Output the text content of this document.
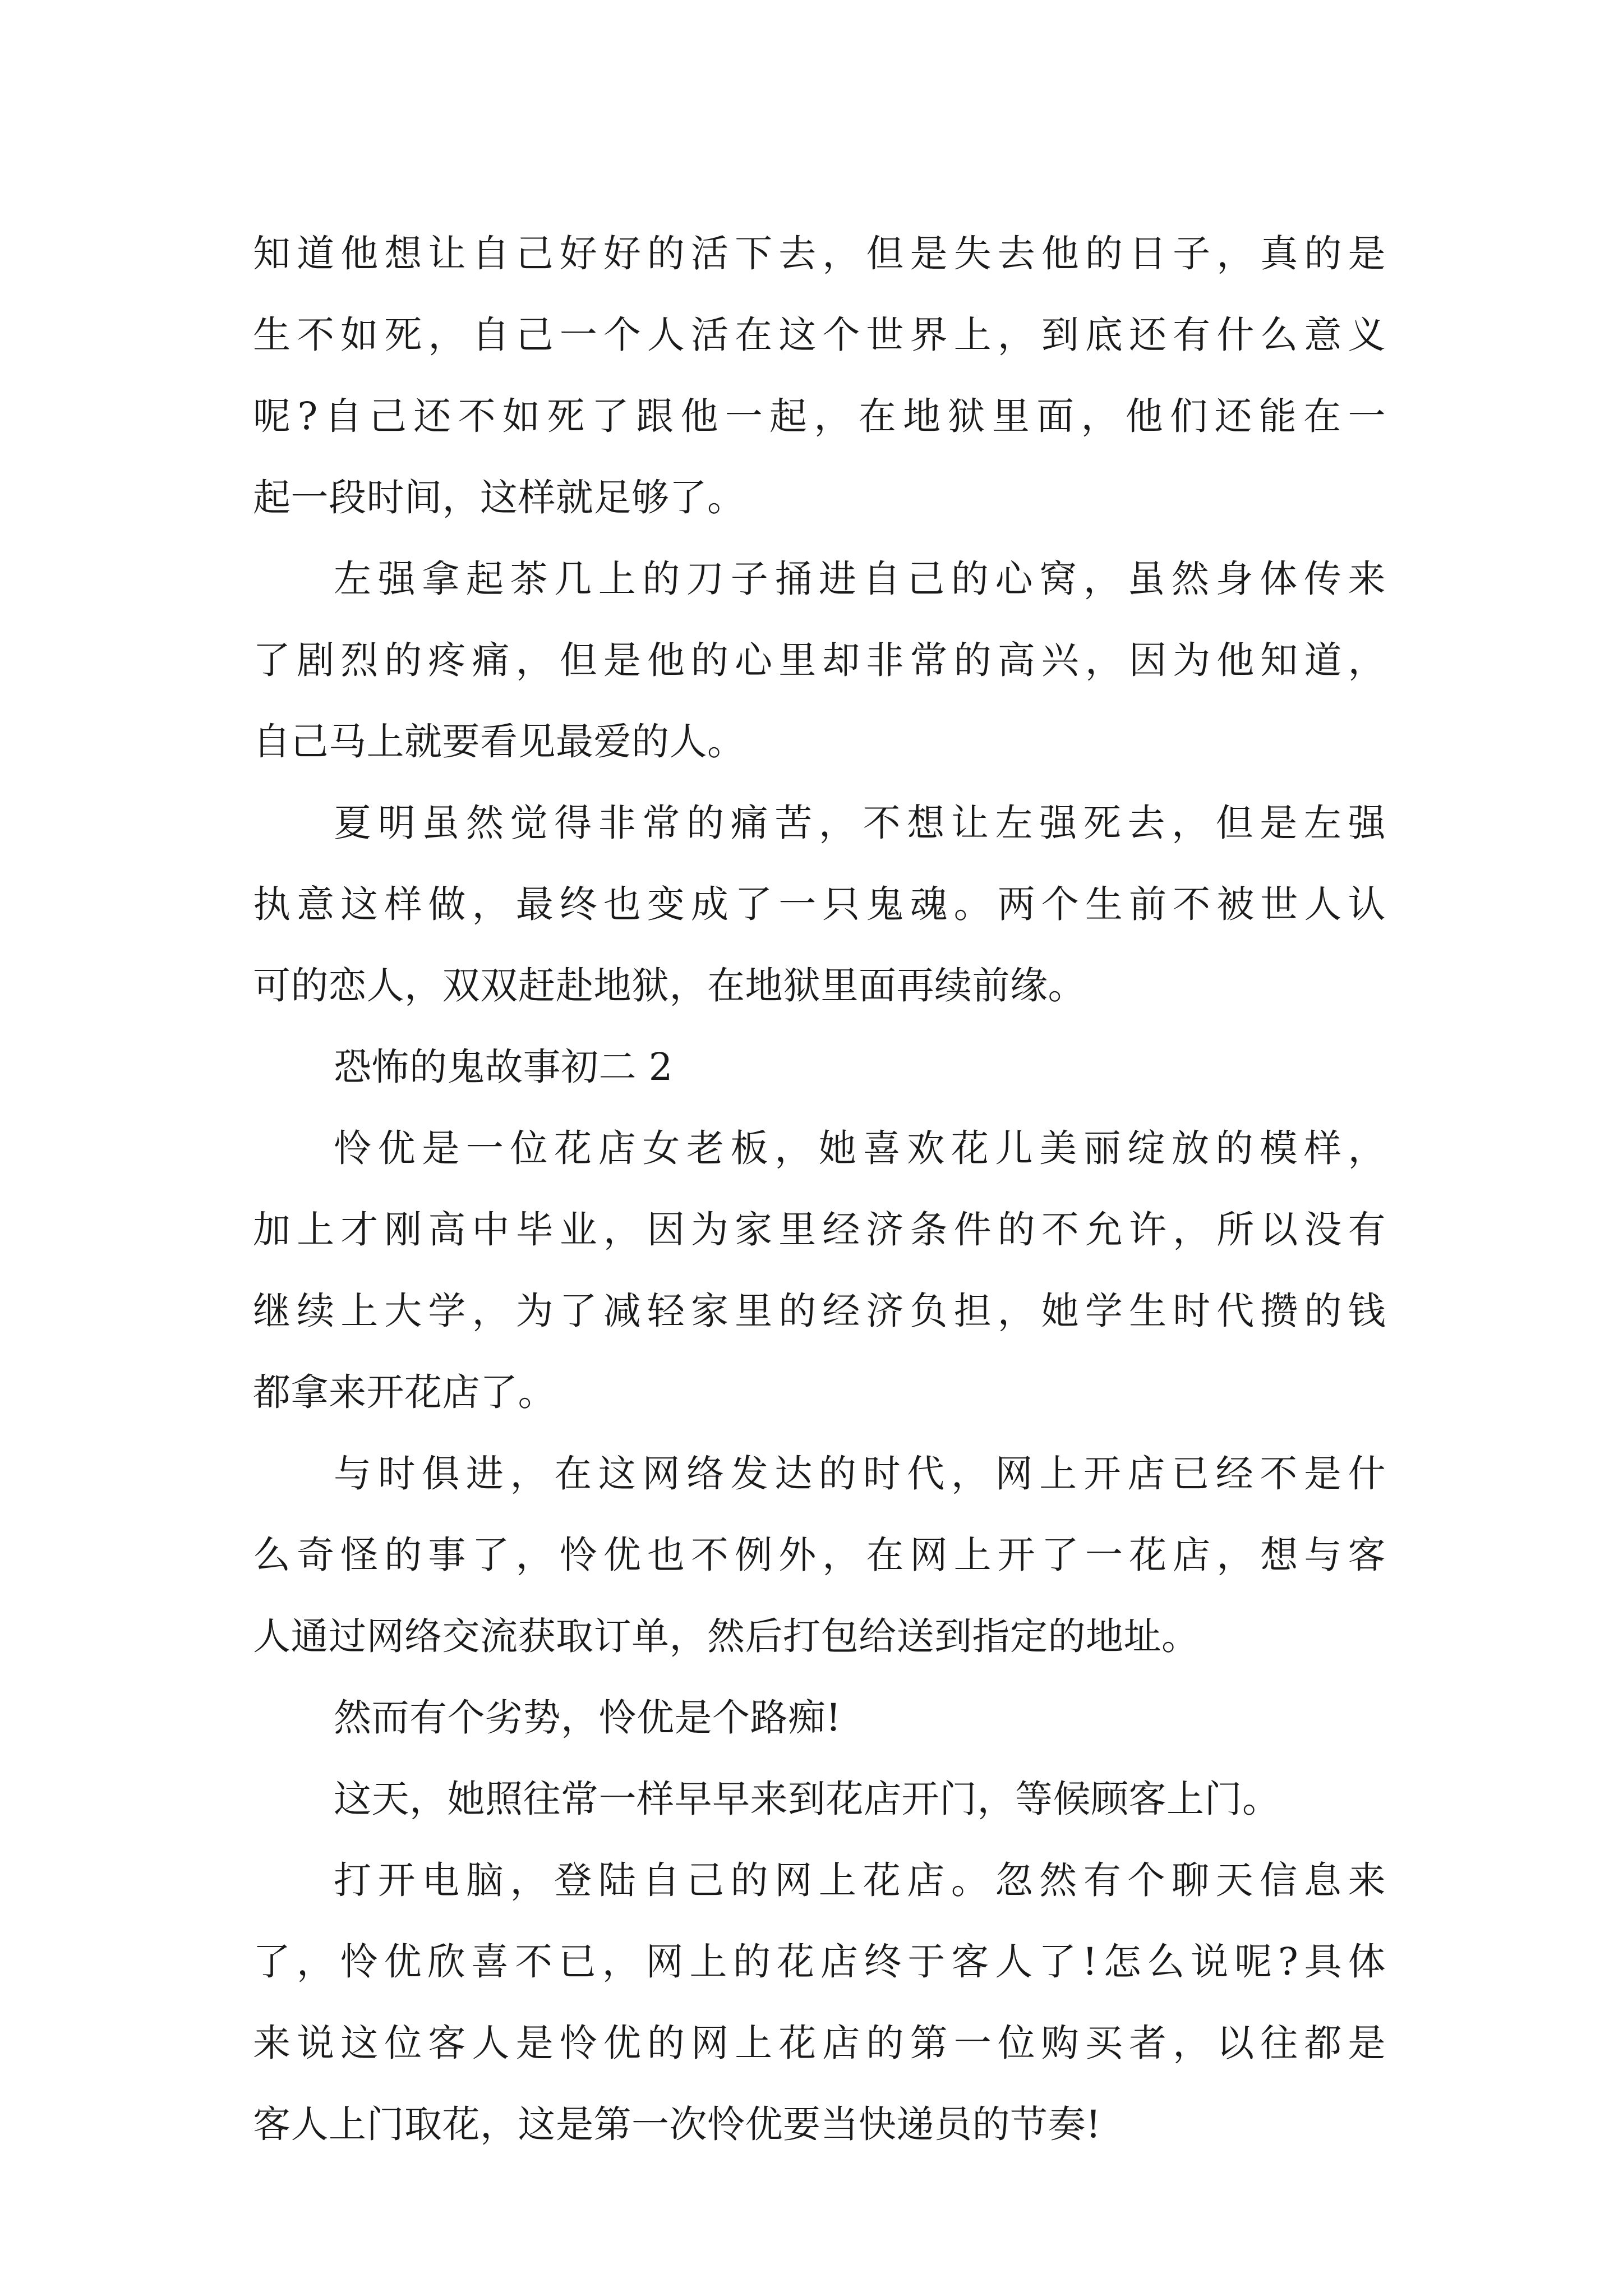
知道他想让自己好好的活下去，但是失去他的日子，真的是
生不如死，自己一个人活在这个世界上，到底还有什么意义
呢?自己还不如死了跟他一起，在地狱里面，他们还能在一
起一段时间，这样就足够了。

左强拿起茶几上的刀子捅进自己的心窝，虽然身体传来
了剧烈的疼痛，但是他的心里却非常的高兴，因为他知道，
自己马上就要看见最爱的人。

夏明虽然觉得非常的痛苦，不想让左强死去，但是左强
执意这样做，最终也变成了一只鬼魂。两个生前不被世人认
可的恋人，双双赶赴地狱，在地狱里面再续前缘。

恐怖的鬼故事初二 2

怜优是一位花店女老板，她喜欢花儿美丽绽放的模样，
加上才刚高中毕业，因为家里经济条件的不允许，所以没有
继续上大学，为了减轻家里的经济负担，她学生时代攒的钱
都拿来开花店了。

与时俱进，在这网络发达的时代，网上开店已经不是什
么奇怪的事了，怜优也不例外，在网上开了一花店，想与客
人通过网络交流获取订单，然后打包给送到指定的地址。

然而有个劣势，怜优是个路痴!

这天，她照往常一样早早来到花店开门，等候顾客上门。

打开电脑，登陆自己的网上花店。忽然有个聊天信息来
了，怜优欣喜不已，网上的花店终于客人了!怎么说呢?具体
来说这位客人是怜优的网上花店的第一位购买者，以往都是
客人上门取花，这是第一次怜优要当快递员的节奏!
